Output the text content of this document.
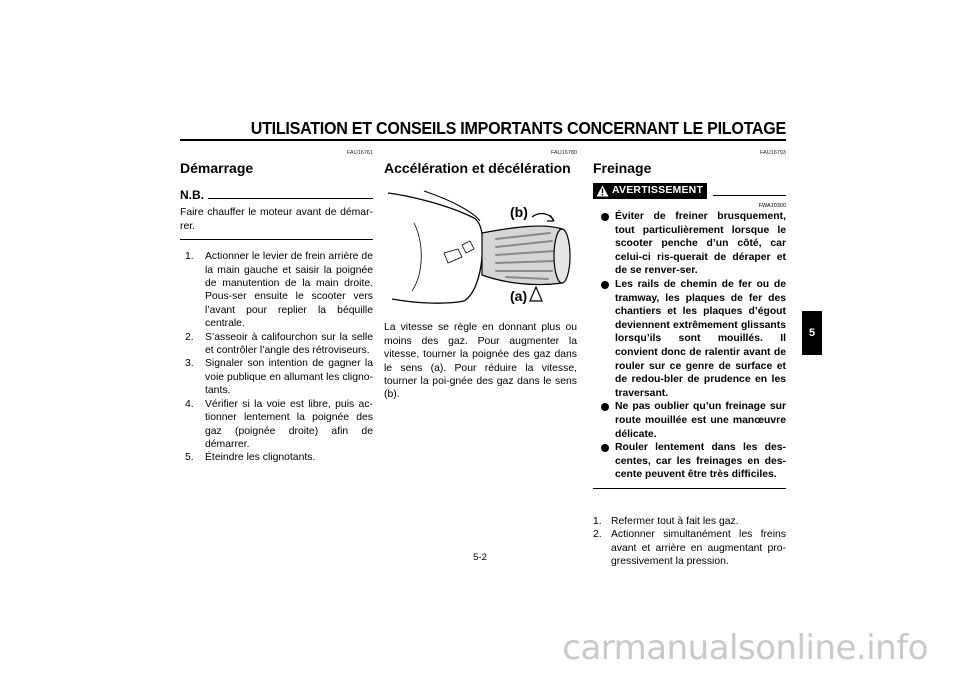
UTILISATION ET CONSEILS IMPORTANTS CONCERNANT LE PILOTAGE
FAU16761
Démarrage
N.B.
Faire chauffer le moteur avant de démar-rer.
1. Actionner le levier de frein arrière de la main gauche et saisir la poignée de manutention de la main droite. Pous-ser ensuite le scooter vers l’avant pour replier la béquille centrale.
2. S’asseoir à califourchon sur la selle et contrôler l’angle des rétroviseurs.
3. Signaler son intention de gagner la voie publique en allumant les cligno-tants.
4. Vérifier si la voie est libre, puis ac-tionner lentement la poignée des gaz (poignée droite) afin de démarrer.
5. Éteindre les clignotants.
FAU16780
Accélération et décélération
(b)
(a)
La vitesse se règle en donnant plus ou moins des gaz. Pour augmenter la vitesse, tourner la poignée des gaz dans le sens (a). Pour réduire la vitesse, tourner la poi-gnée des gaz dans le sens (b).
FAU16793
Freinage
AVERTISSEMENT
FWA10300
Éviter de freiner brusquement, tout particulièrement lorsque le scooter penche d’un côté, car celui-ci ris-querait de déraper et de se renver-ser.
Les rails de chemin de fer ou de tramway, les plaques de fer des chantiers et les plaques d’égout deviennent extrêmement glissants lorsqu’ils sont mouillés. Il convient donc de ralentir avant de rouler sur ce genre de surface et de redou-bler de prudence en les traversant.
Ne pas oublier qu’un freinage sur route mouillée est une manœuvre délicate.
Rouler lentement dans les des-centes, car les freinages en des-cente peuvent être très difficiles.
1. Refermer tout à fait les gaz.
2. Actionner simultanément les freins avant et arrière en augmentant pro-gressivement la pression.
5
5-2
carmanualsonline.info
